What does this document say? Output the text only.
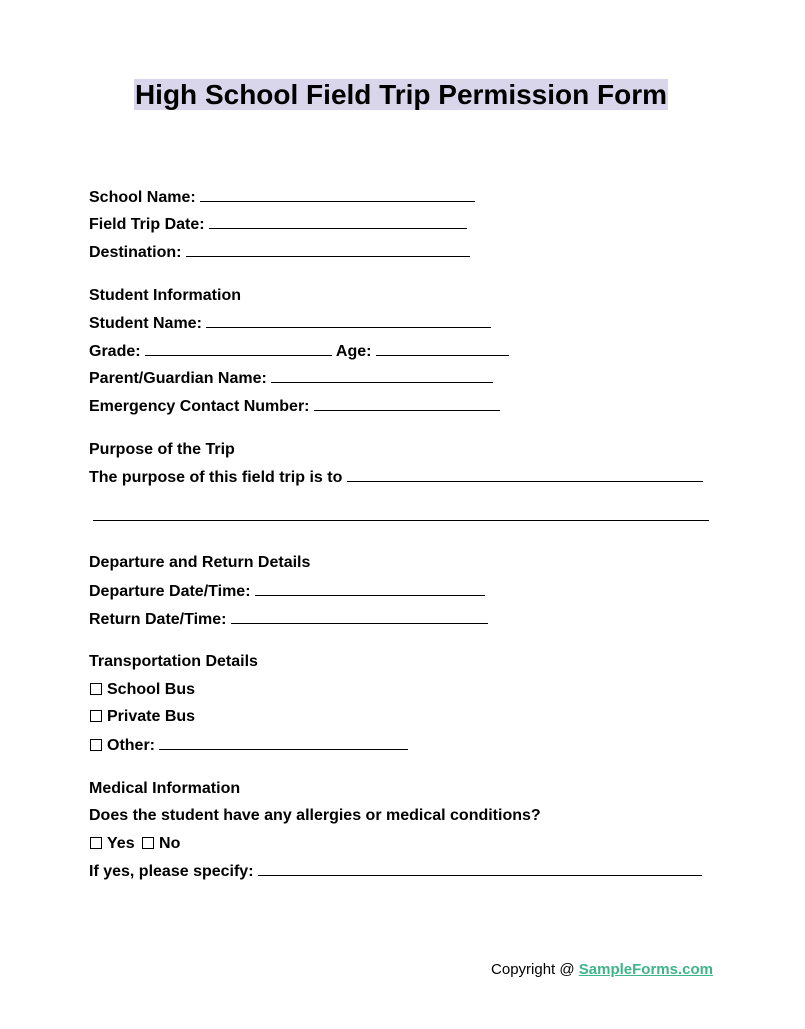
High School Field Trip Permission Form
School Name:
Field Trip Date:
Destination:
Student Information
Student Name:
Grade:	Age:
Parent/Guardian Name:
Emergency Contact Number:
Purpose of the Trip
The purpose of this field trip is to
Departure and Return Details
Departure Date/Time:
Return Date/Time:
Transportation Details
School Bus
Private Bus
Other:
Medical Information
Does the student have any allergies or medical conditions?
Yes No
If yes, please specify:
Copyright @ SampleForms.com
